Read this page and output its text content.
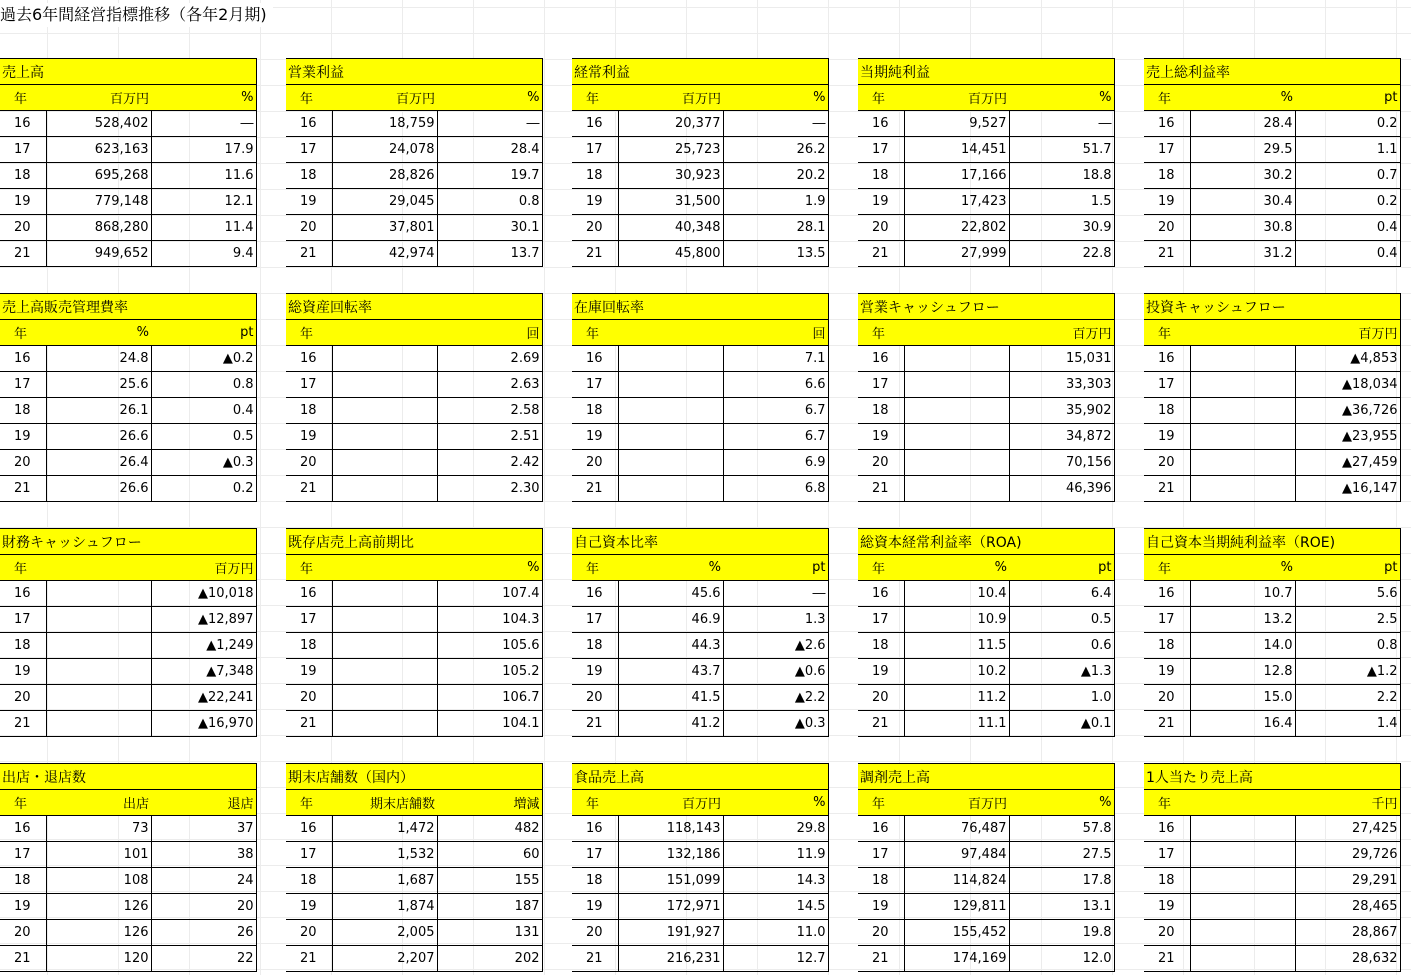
過去6年間経営指標推移（各年2月期)
売上高		
年	百万円	%
16	528,402	―
17	623,163	17.9
18	695,268	11.6
19	779,148	12.1
20	868,280	11.4
21	949,652	9.4
営業利益		
年	百万円	%
16	18,759	―
17	24,078	28.4
18	28,826	19.7
19	29,045	0.8
20	37,801	30.1
21	42,974	13.7
経常利益		
年	百万円	%
16	20,377	―
17	25,723	26.2
18	30,923	20.2
19	31,500	1.9
20	40,348	28.1
21	45,800	13.5
当期純利益		
年	百万円	%
16	9,527	―
17	14,451	51.7
18	17,166	18.8
19	17,423	1.5
20	22,802	30.9
21	27,999	22.8
売上総利益率		
年	%	pt
16	28.4	0.2
17	29.5	1.1
18	30.2	0.7
19	30.4	0.2
20	30.8	0.4
21	31.2	0.4
売上高販売管理費率		
年	%	pt
16	24.8	▲0.2
17	25.6	0.8
18	26.1	0.4
19	26.6	0.5
20	26.4	▲0.3
21	26.6	0.2
総資産回転率		
年		回
16		2.69
17		2.63
18		2.58
19		2.51
20		2.42
21		2.30
在庫回転率		
年		回
16		7.1
17		6.6
18		6.7
19		6.7
20		6.9
21		6.8
営業キャッシュフロー		
年		百万円
16		15,031
17		33,303
18		35,902
19		34,872
20		70,156
21		46,396
投資キャッシュフロー		
年		百万円
16		▲4,853
17		▲18,034
18		▲36,726
19		▲23,955
20		▲27,459
21		▲16,147
財務キャッシュフロー		
年		百万円
16		▲10,018
17		▲12,897
18		▲1,249
19		▲7,348
20		▲22,241
21		▲16,970
既存店売上高前期比		
年		%
16		107.4
17		104.3
18		105.6
19		105.2
20		106.7
21		104.1
自己資本比率		
年	%	pt
16	45.6	―
17	46.9	1.3
18	44.3	▲2.6
19	43.7	▲0.6
20	41.5	▲2.2
21	41.2	▲0.3
総資本経常利益率（ROA)		
年	%	pt
16	10.4	6.4
17	10.9	0.5
18	11.5	0.6
19	10.2	▲1.3
20	11.2	1.0
21	11.1	▲0.1
自己資本当期純利益率（ROE)		
年	%	pt
16	10.7	5.6
17	13.2	2.5
18	14.0	0.8
19	12.8	▲1.2
20	15.0	2.2
21	16.4	1.4
出店・退店数		
年	出店	退店
16	73	37
17	101	38
18	108	24
19	126	20
20	126	26
21	120	22
期末店舗数（国内）		
年	期末店舗数	増減
16	1,472	482
17	1,532	60
18	1,687	155
19	1,874	187
20	2,005	131
21	2,207	202
食品売上高		
年	百万円	%
16	118,143	29.8
17	132,186	11.9
18	151,099	14.3
19	172,971	14.5
20	191,927	11.0
21	216,231	12.7
調剤売上高		
年	百万円	%
16	76,487	57.8
17	97,484	27.5
18	114,824	17.8
19	129,811	13.1
20	155,452	19.8
21	174,169	12.0
1人当たり売上高		
年		千円
16		27,425
17		29,726
18		29,291
19		28,465
20		28,867
21		28,632
